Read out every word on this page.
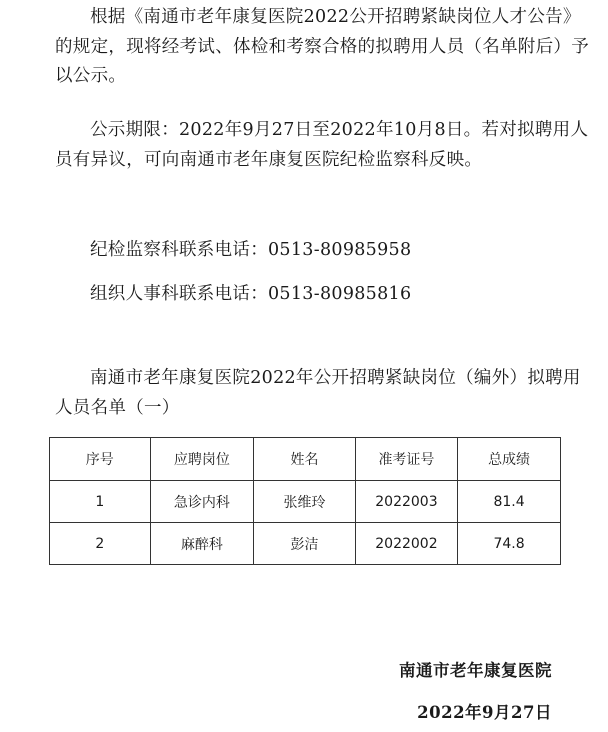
根据《南通市老年康复医院2022公开招聘紧缺岗位人才公告》的规定，现将经考试、体检和考察合格的拟聘用人员（名单附后）予以公示。

公示期限：2022年9月27日至2022年10月8日。若对拟聘用人员有异议，可向南通市老年康复医院纪检监察科反映。

纪检监察科联系电话：0513-80985958

组织人事科联系电话：0513-80985816

南通市老年康复医院2022年公开招聘紧缺岗位（编外）拟聘用人员名单（一）

序号	应聘岗位	姓名	准考证号	总成绩
1	急诊内科	张维玲	2022003	81.4
2	麻醉科	彭洁	2022002	74.8
南通市老年康复医院
2022年9月27日
